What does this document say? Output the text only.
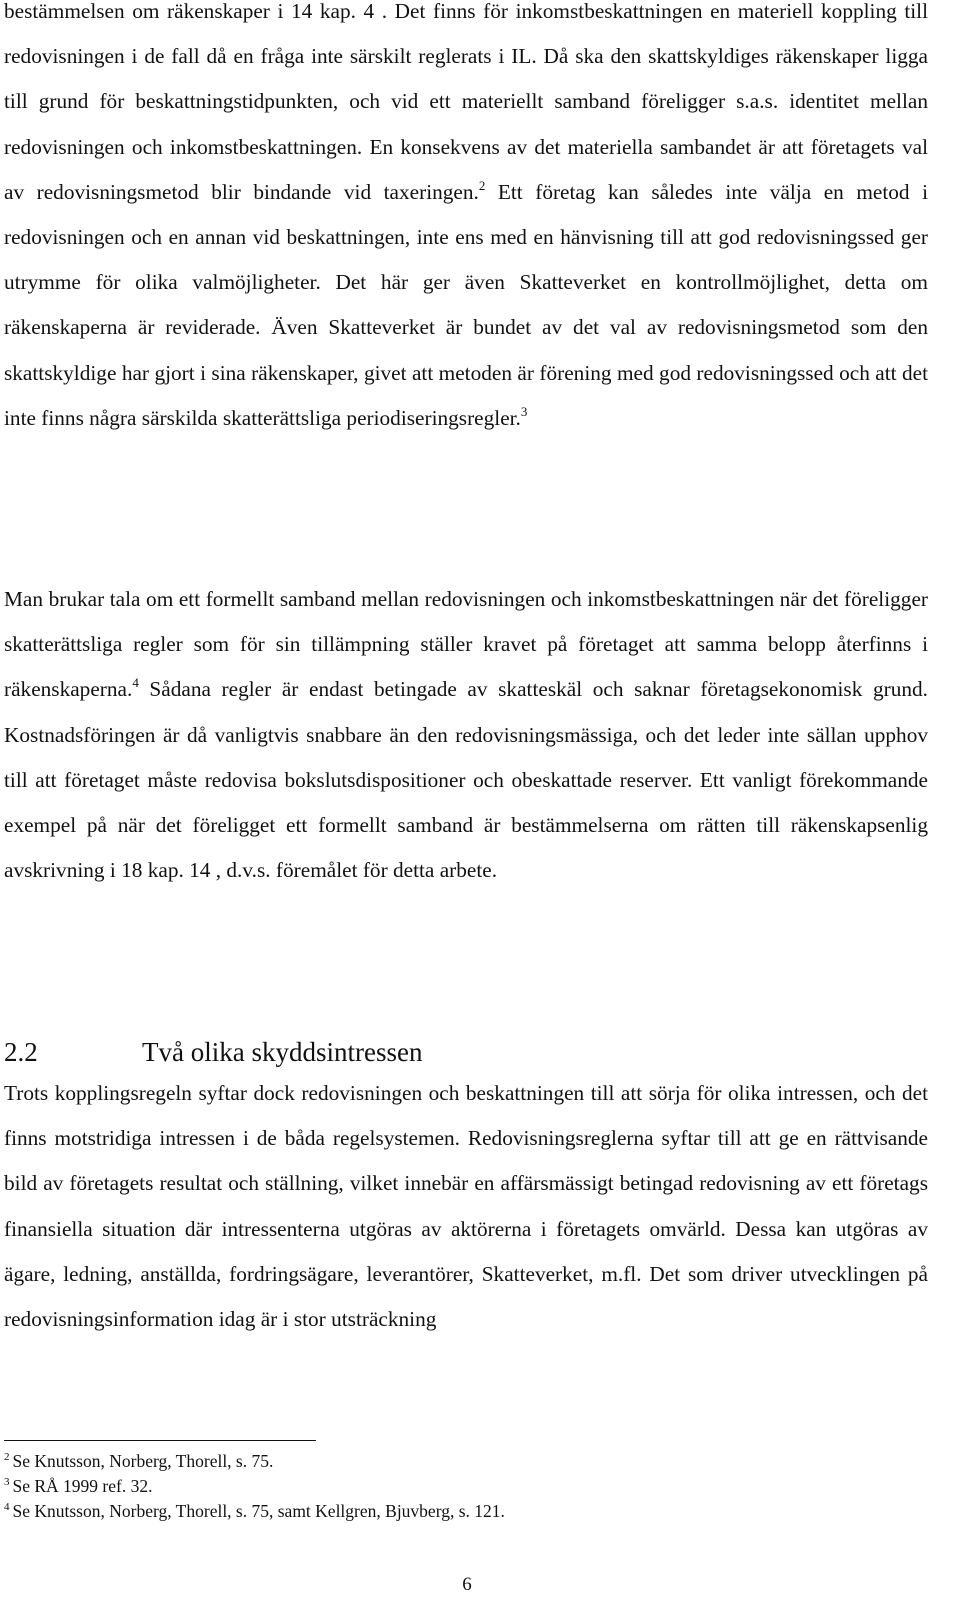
bestämmelsen om räkenskaper i 14 kap. 4 . Det finns för inkomstbeskattningen en materiell koppling till redovisningen i de fall då en fråga inte särskilt reglerats i IL. Då ska den skattskyldiges räkenskaper ligga till grund för beskattningstidpunkten, och vid ett materiellt samband föreligger s.a.s. identitet mellan redovisningen och inkomstbeskattningen. En konsekvens av det materiella sambandet är att företagets val av redovisningsmetod blir bindande vid taxeringen.$^2$ Ett företag kan således inte välja en metod i redovisningen och en annan vid beskattningen, inte ens med en hänvisning till att god redovisningssed ger utrymme för olika valmöjligheter. Det här ger även Skatteverket en kontrollmöjlighet, detta om räkenskaperna är reviderade. Även Skatteverket är bundet av det val av redovisningsmetod som den skattskyldige har gjort i sina räkenskaper, givet att metoden är förening med god redovisningssed och att det inte finns några särskilda skatterättsliga periodiseringsregler.$^3$

Man brukar tala om ett formellt samband mellan redovisningen och inkomstbeskattningen när det föreligger skatterättsliga regler som för sin tillämpning ställer kravet på företaget att samma belopp återfinns i räkenskaperna.$^4$ Sådana regler är endast betingade av skatteskäl och saknar företagsekonomisk grund. Kostnadsföringen är då vanligtvis snabbare än den redovisningsmässiga, och det leder inte sällan upphov till att företaget måste redovisa bokslutsdispositioner och obeskattade reserver. Ett vanligt förekommande exempel på när det föreligget ett formellt samband är bestämmelserna om rätten till räkenskapsenlig avskrivning i 18 kap. 14 , d.v.s. föremålet för detta arbete.

2.2	Två olika skyddsintressen

Trots kopplingsregeln syftar dock redovisningen och beskattningen till att sörja för olika intressen, och det finns motstridiga intressen i de båda regelsystemen. Redovisningsreglerna syftar till att ge en rättvisande bild av företagets resultat och ställning, vilket innebär en affärsmässigt betingad redovisning av ett företags finansiella situation där intressenterna utgöras av aktörerna i företagets omvärld. Dessa kan utgöras av ägare, ledning, anställda, fordringsägare, leverantörer, Skatteverket, m.fl. Det som driver utvecklingen på redovisningsinformation idag är i stor utsträckning

$^2$ Se Knutsson, Norberg, Thorell, s. 75.
$^3$ Se RÅ 1999 ref. 32.
$^4$ Se Knutsson, Norberg, Thorell, s. 75, samt Kellgren, Bjuvberg, s. 121.
6
